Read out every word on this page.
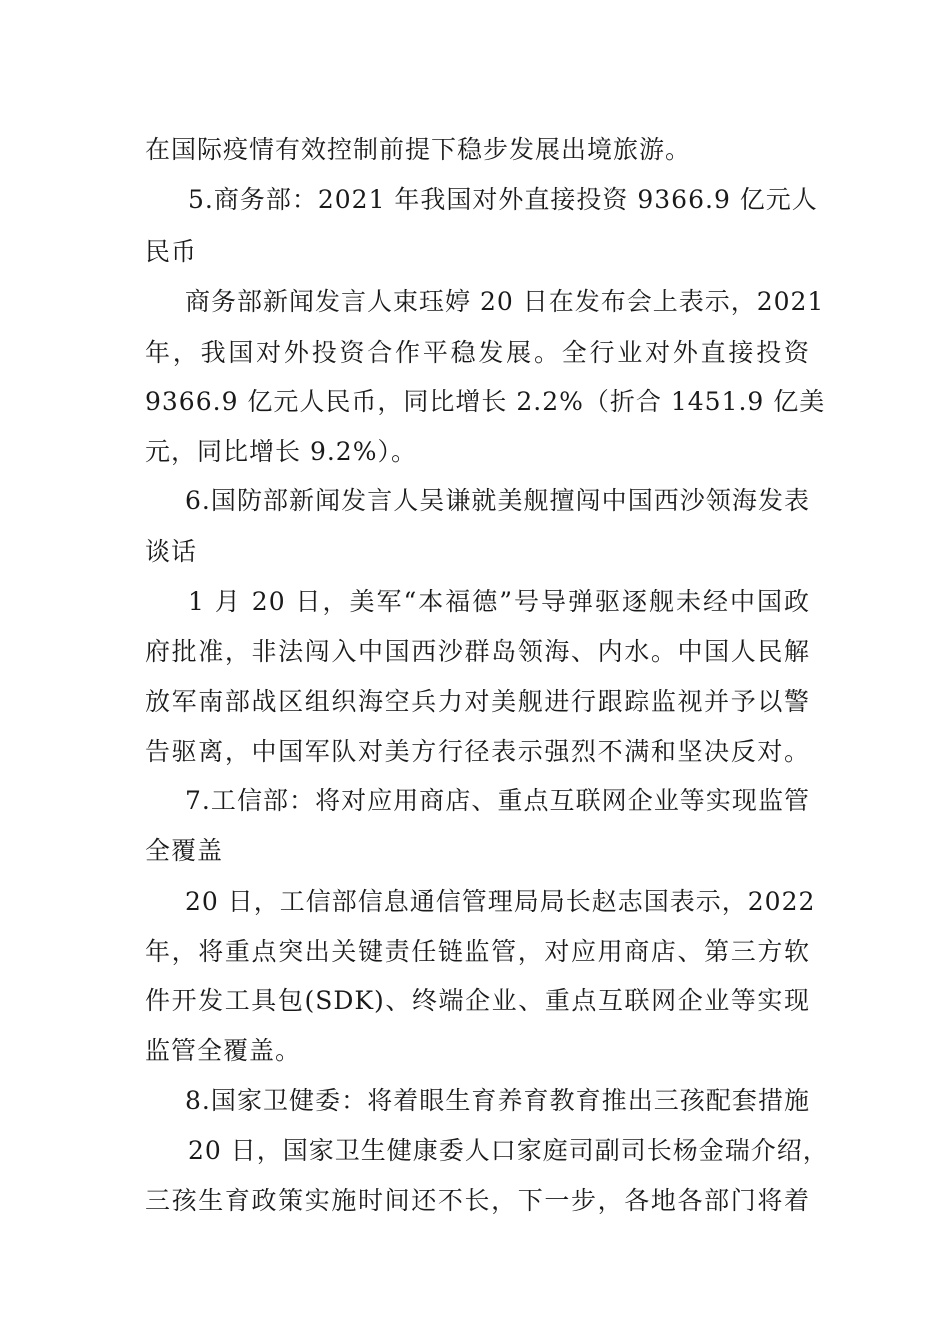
在国际疫情有效控制前提下稳步发展出境旅游。
5.商务部：2021 年我国对外直接投资 9366.9 亿元人
民币
商务部新闻发言人束珏婷 20 日在发布会上表示，2021
年，我国对外投资合作平稳发展。全行业对外直接投资
9366.9 亿元人民币，同比增长 2.2%（折合 1451.9 亿美
元，同比增长 9.2%）。
6.国防部新闻发言人吴谦就美舰擅闯中国西沙领海发表
谈话
1 月 20 日，美军“本福德”号导弹驱逐舰未经中国政
府批准，非法闯入中国西沙群岛领海、内水。中国人民解
放军南部战区组织海空兵力对美舰进行跟踪监视并予以警
告驱离，中国军队对美方行径表示强烈不满和坚决反对。
7.工信部：将对应用商店、重点互联网企业等实现监管
全覆盖
20 日，工信部信息通信管理局局长赵志国表示，2022
年，将重点突出关键责任链监管，对应用商店、第三方软
件开发工具包(SDK)、终端企业、重点互联网企业等实现
监管全覆盖。
8.国家卫健委：将着眼生育养育教育推出三孩配套措施
20 日，国家卫生健康委人口家庭司副司长杨金瑞介绍，
三孩生育政策实施时间还不长，下一步，各地各部门将着
